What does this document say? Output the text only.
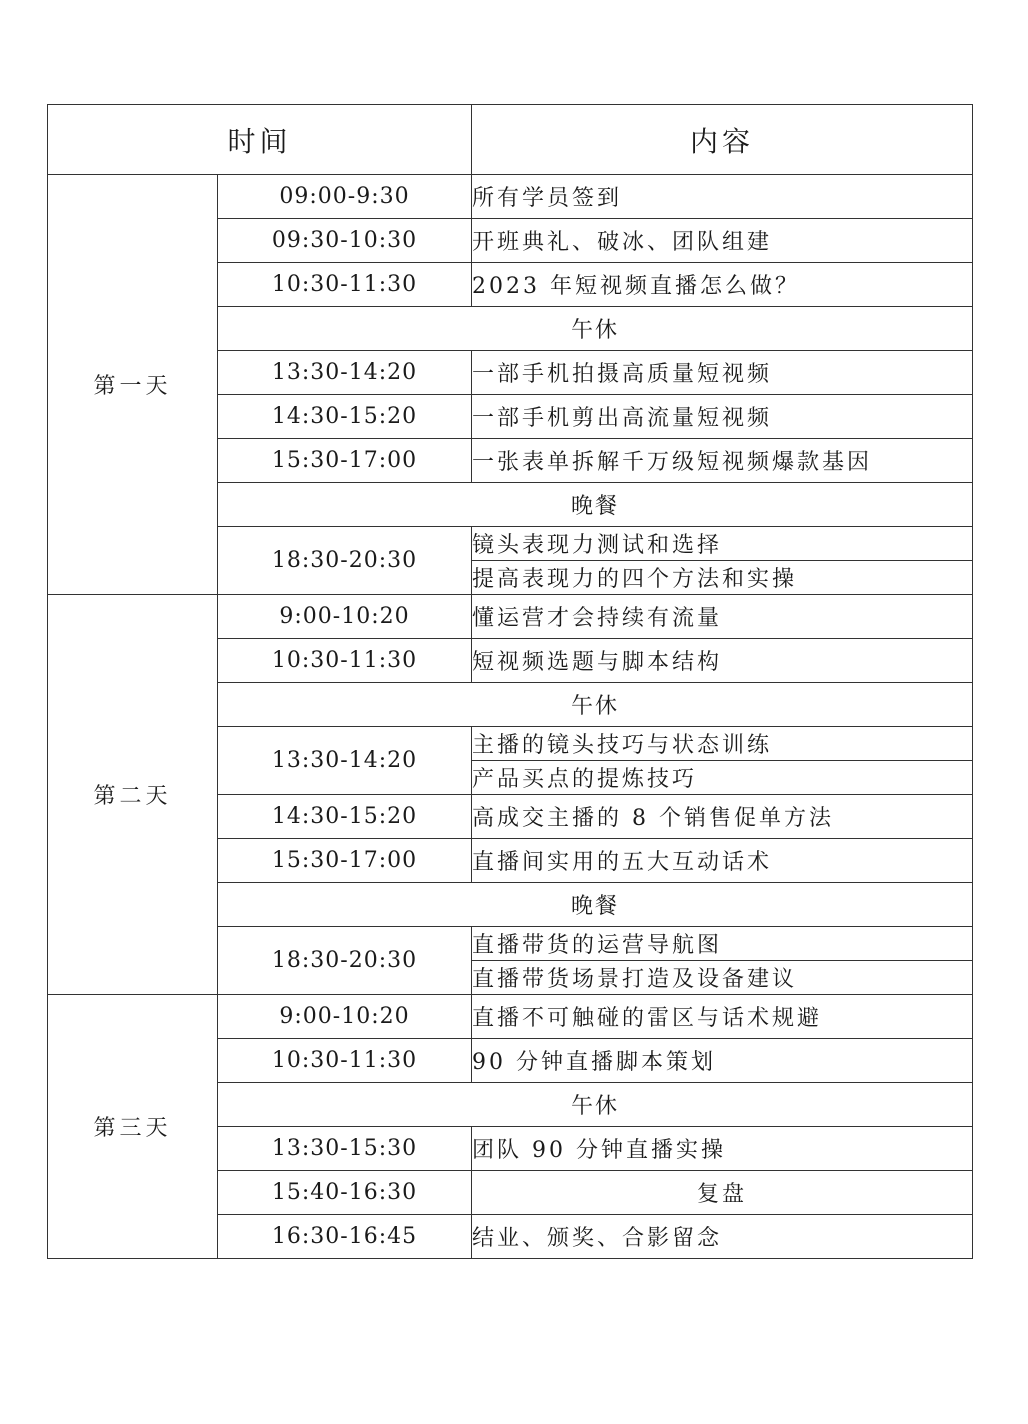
时间		内容
第一天	09:00-9:30	所有学员签到
	09:30-10:30	开班典礼、破冰、团队组建
	10:30-11:30	2023 年短视频直播怎么做？
	午休	
	13:30-14:20	一部手机拍摄高质量短视频
	14:30-15:20	一部手机剪出高流量短视频
	15:30-17:00	一张表单拆解千万级短视频爆款基因
	晚餐	
	18:30-20:30	镜头表现力测试和选择
		提高表现力的四个方法和实操
第二天	9:00-10:20	懂运营才会持续有流量
	10:30-11:30	短视频选题与脚本结构
	午休	
	13:30-14:20	主播的镜头技巧与状态训练
		产品买点的提炼技巧
	14:30-15:20	高成交主播的 8 个销售促单方法
	15:30-17:00	直播间实用的五大互动话术
	晚餐	
	18:30-20:30	直播带货的运营导航图
		直播带货场景打造及设备建议
第三天	9:00-10:20	直播不可触碰的雷区与话术规避
	10:30-11:30	90 分钟直播脚本策划
	午休	
	13:30-15:30	团队 90 分钟直播实操
	15:40-16:30	复盘
	16:30-16:45	结业、颁奖、合影留念
